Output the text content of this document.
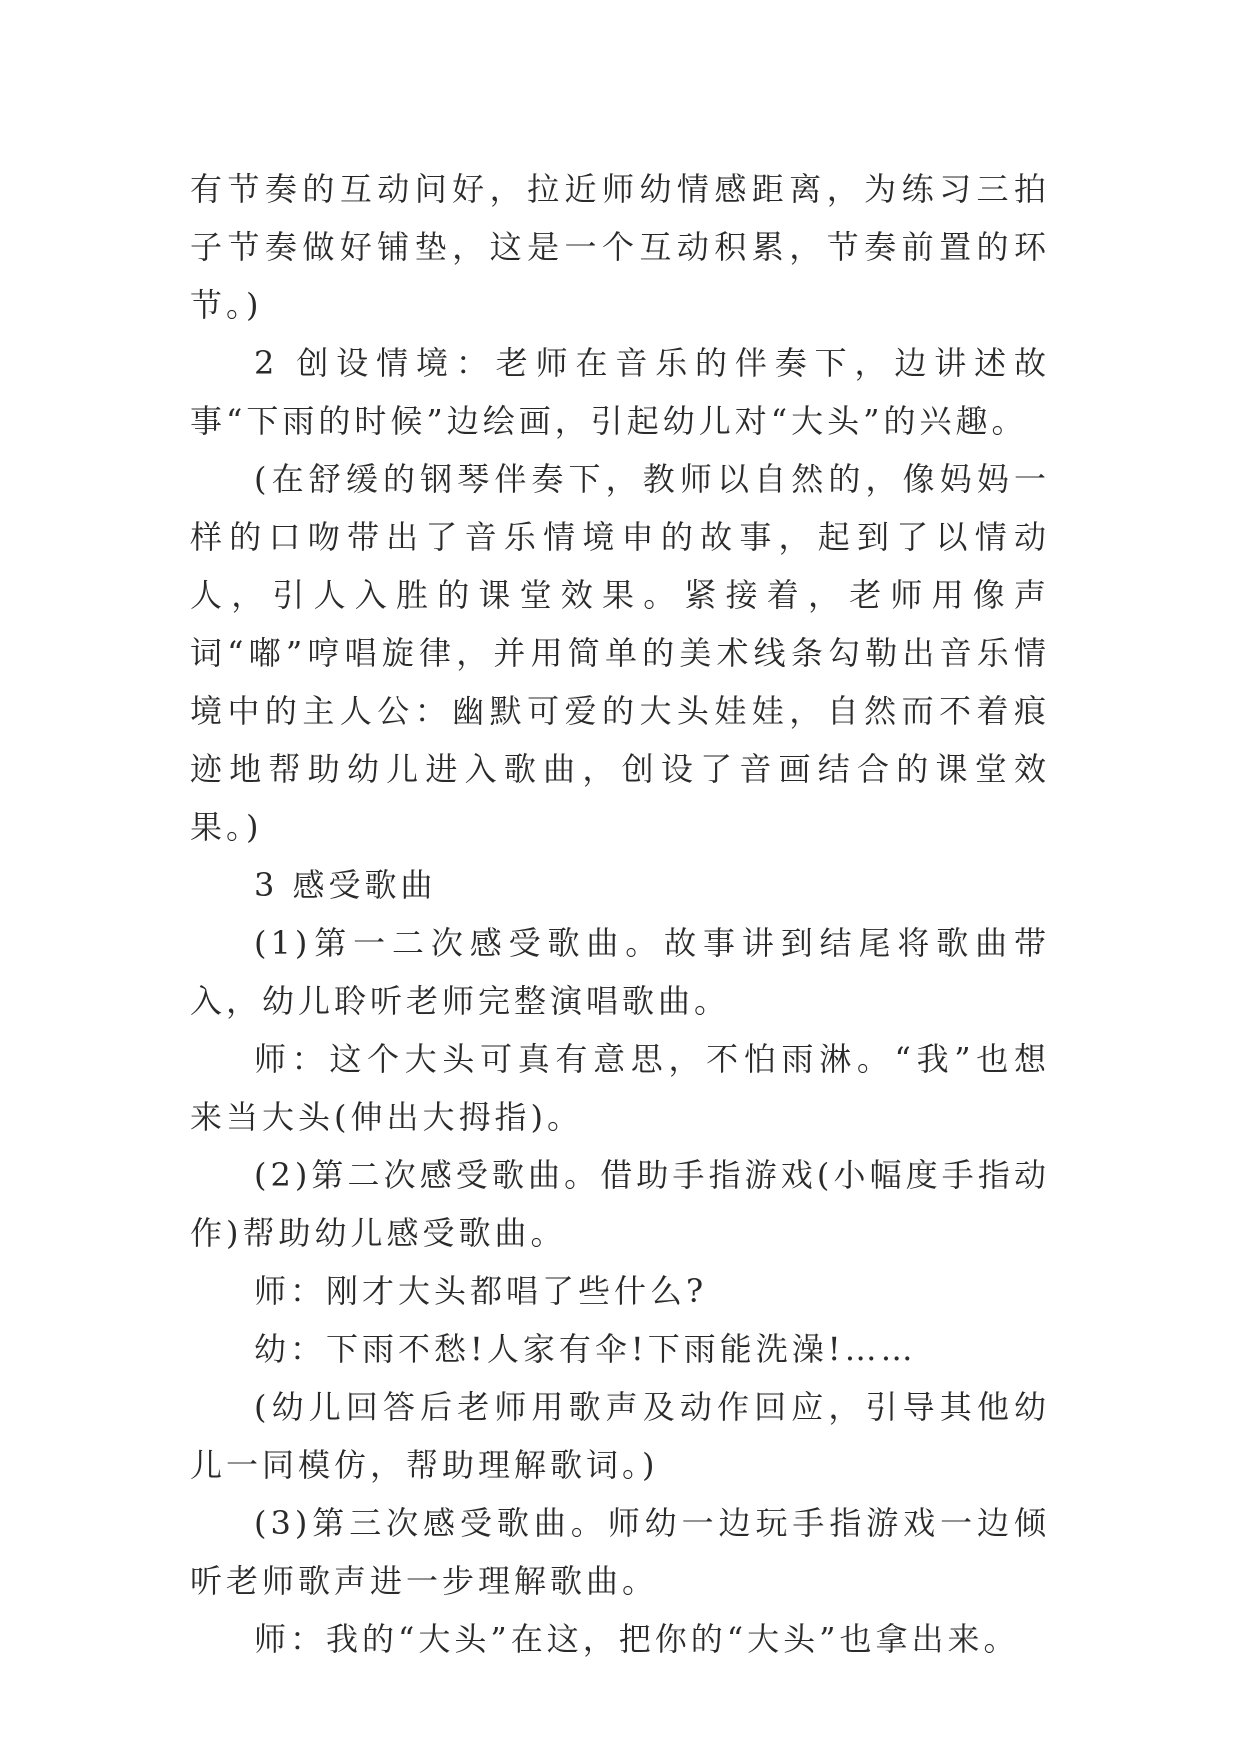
有节奏的互动问好，拉近师幼情感距离，为练习三拍子节奏做好铺垫，这是一个互动积累，节奏前置的环节。)

2 创设情境：老师在音乐的伴奏下，边讲述故事“下雨的时候”边绘画，引起幼儿对“大头”的兴趣。

(在舒缓的钢琴伴奏下，教师以自然的，像妈妈一样的口吻带出了音乐情境申的故事，起到了以情动人，引人入胜的课堂效果。紧接着，老师用像声词“嘟”哼唱旋律，并用简单的美术线条勾勒出音乐情境中的主人公：幽默可爱的大头娃娃，自然而不着痕迹地帮助幼儿进入歌曲，创设了音画结合的课堂效果。)

3 感受歌曲

(1)第一二次感受歌曲。故事讲到结尾将歌曲带入，幼儿聆听老师完整演唱歌曲。

师：这个大头可真有意思，不怕雨淋。“我”也想来当大头(伸出大拇指)。

(2)第二次感受歌曲。借助手指游戏(小幅度手指动作)帮助幼儿感受歌曲。

师：刚才大头都唱了些什么?

幼：下雨不愁!人家有伞!下雨能洗澡!……

(幼儿回答后老师用歌声及动作回应，引导其他幼儿一同模仿，帮助理解歌词。)

(3)第三次感受歌曲。师幼一边玩手指游戏一边倾听老师歌声进一步理解歌曲。

师：我的“大头”在这，把你的“大头”也拿出来。
